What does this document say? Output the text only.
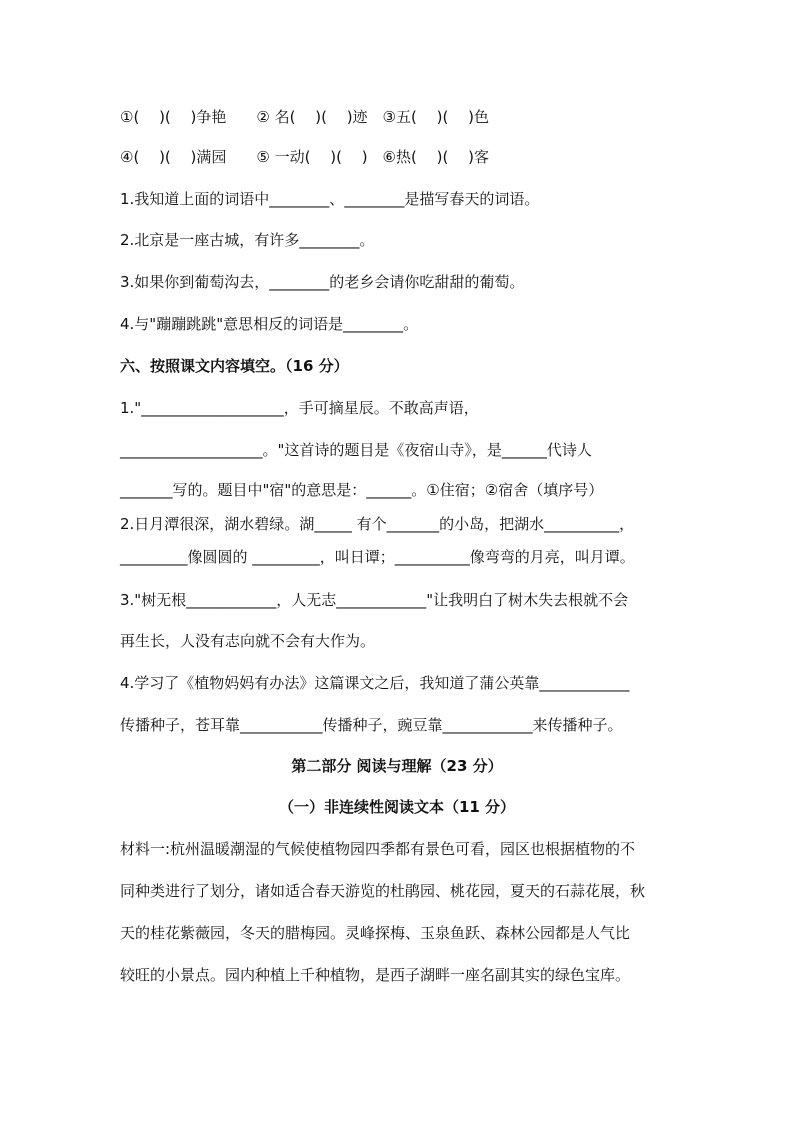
①(　 )(　 )争艳　　② 名(　 )(　 )迹　③五(　 )(　 )色
④(　 )(　 )满园　　⑤ 一动(　 )(　 )　⑥热(　 )(　 )客
1.我知道上面的词语中________、________是描写春天的词语。
2.北京是一座古城，有许多________。
3.如果你到葡萄沟去，________的老乡会请你吃甜甜的葡萄。
4.与"蹦蹦跳跳"意思相反的词语是________。
六、按照课文内容填空。（16 分）
1."___________________，手可摘星辰。不敢高声语，
___________________。"这首诗的题目是《夜宿山寺》，是______代诗人
_______写的。题目中"宿"的意思是：______。①住宿；②宿舍（填序号）
2.日月潭很深，湖水碧绿。湖_____ 有个_______的小岛，把湖水__________，
_________像圆圆的 _________，叫日谭；__________像弯弯的月亮，叫月谭。
3."树无根____________，人无志____________"让我明白了树木失去根就不会
再生长，人没有志向就不会有大作为。
4.学习了《植物妈妈有办法》这篇课文之后，我知道了蒲公英靠____________
传播种子，苍耳靠___________传播种子，豌豆靠____________来传播种子。
第二部分 阅读与理解（23 分）
（一）非连续性阅读文本（11 分）
材料一:杭州温暖潮湿的气候使植物园四季都有景色可看，园区也根据植物的不
同种类进行了划分，诸如适合春天游览的杜鹃园、桃花园，夏天的石蒜花展，秋
天的桂花紫薇园，冬天的腊梅园。灵峰探梅、玉泉鱼跃、森林公园都是人气比
较旺的小景点。园内种植上千种植物，是西子湖畔一座名副其实的绿色宝库。
